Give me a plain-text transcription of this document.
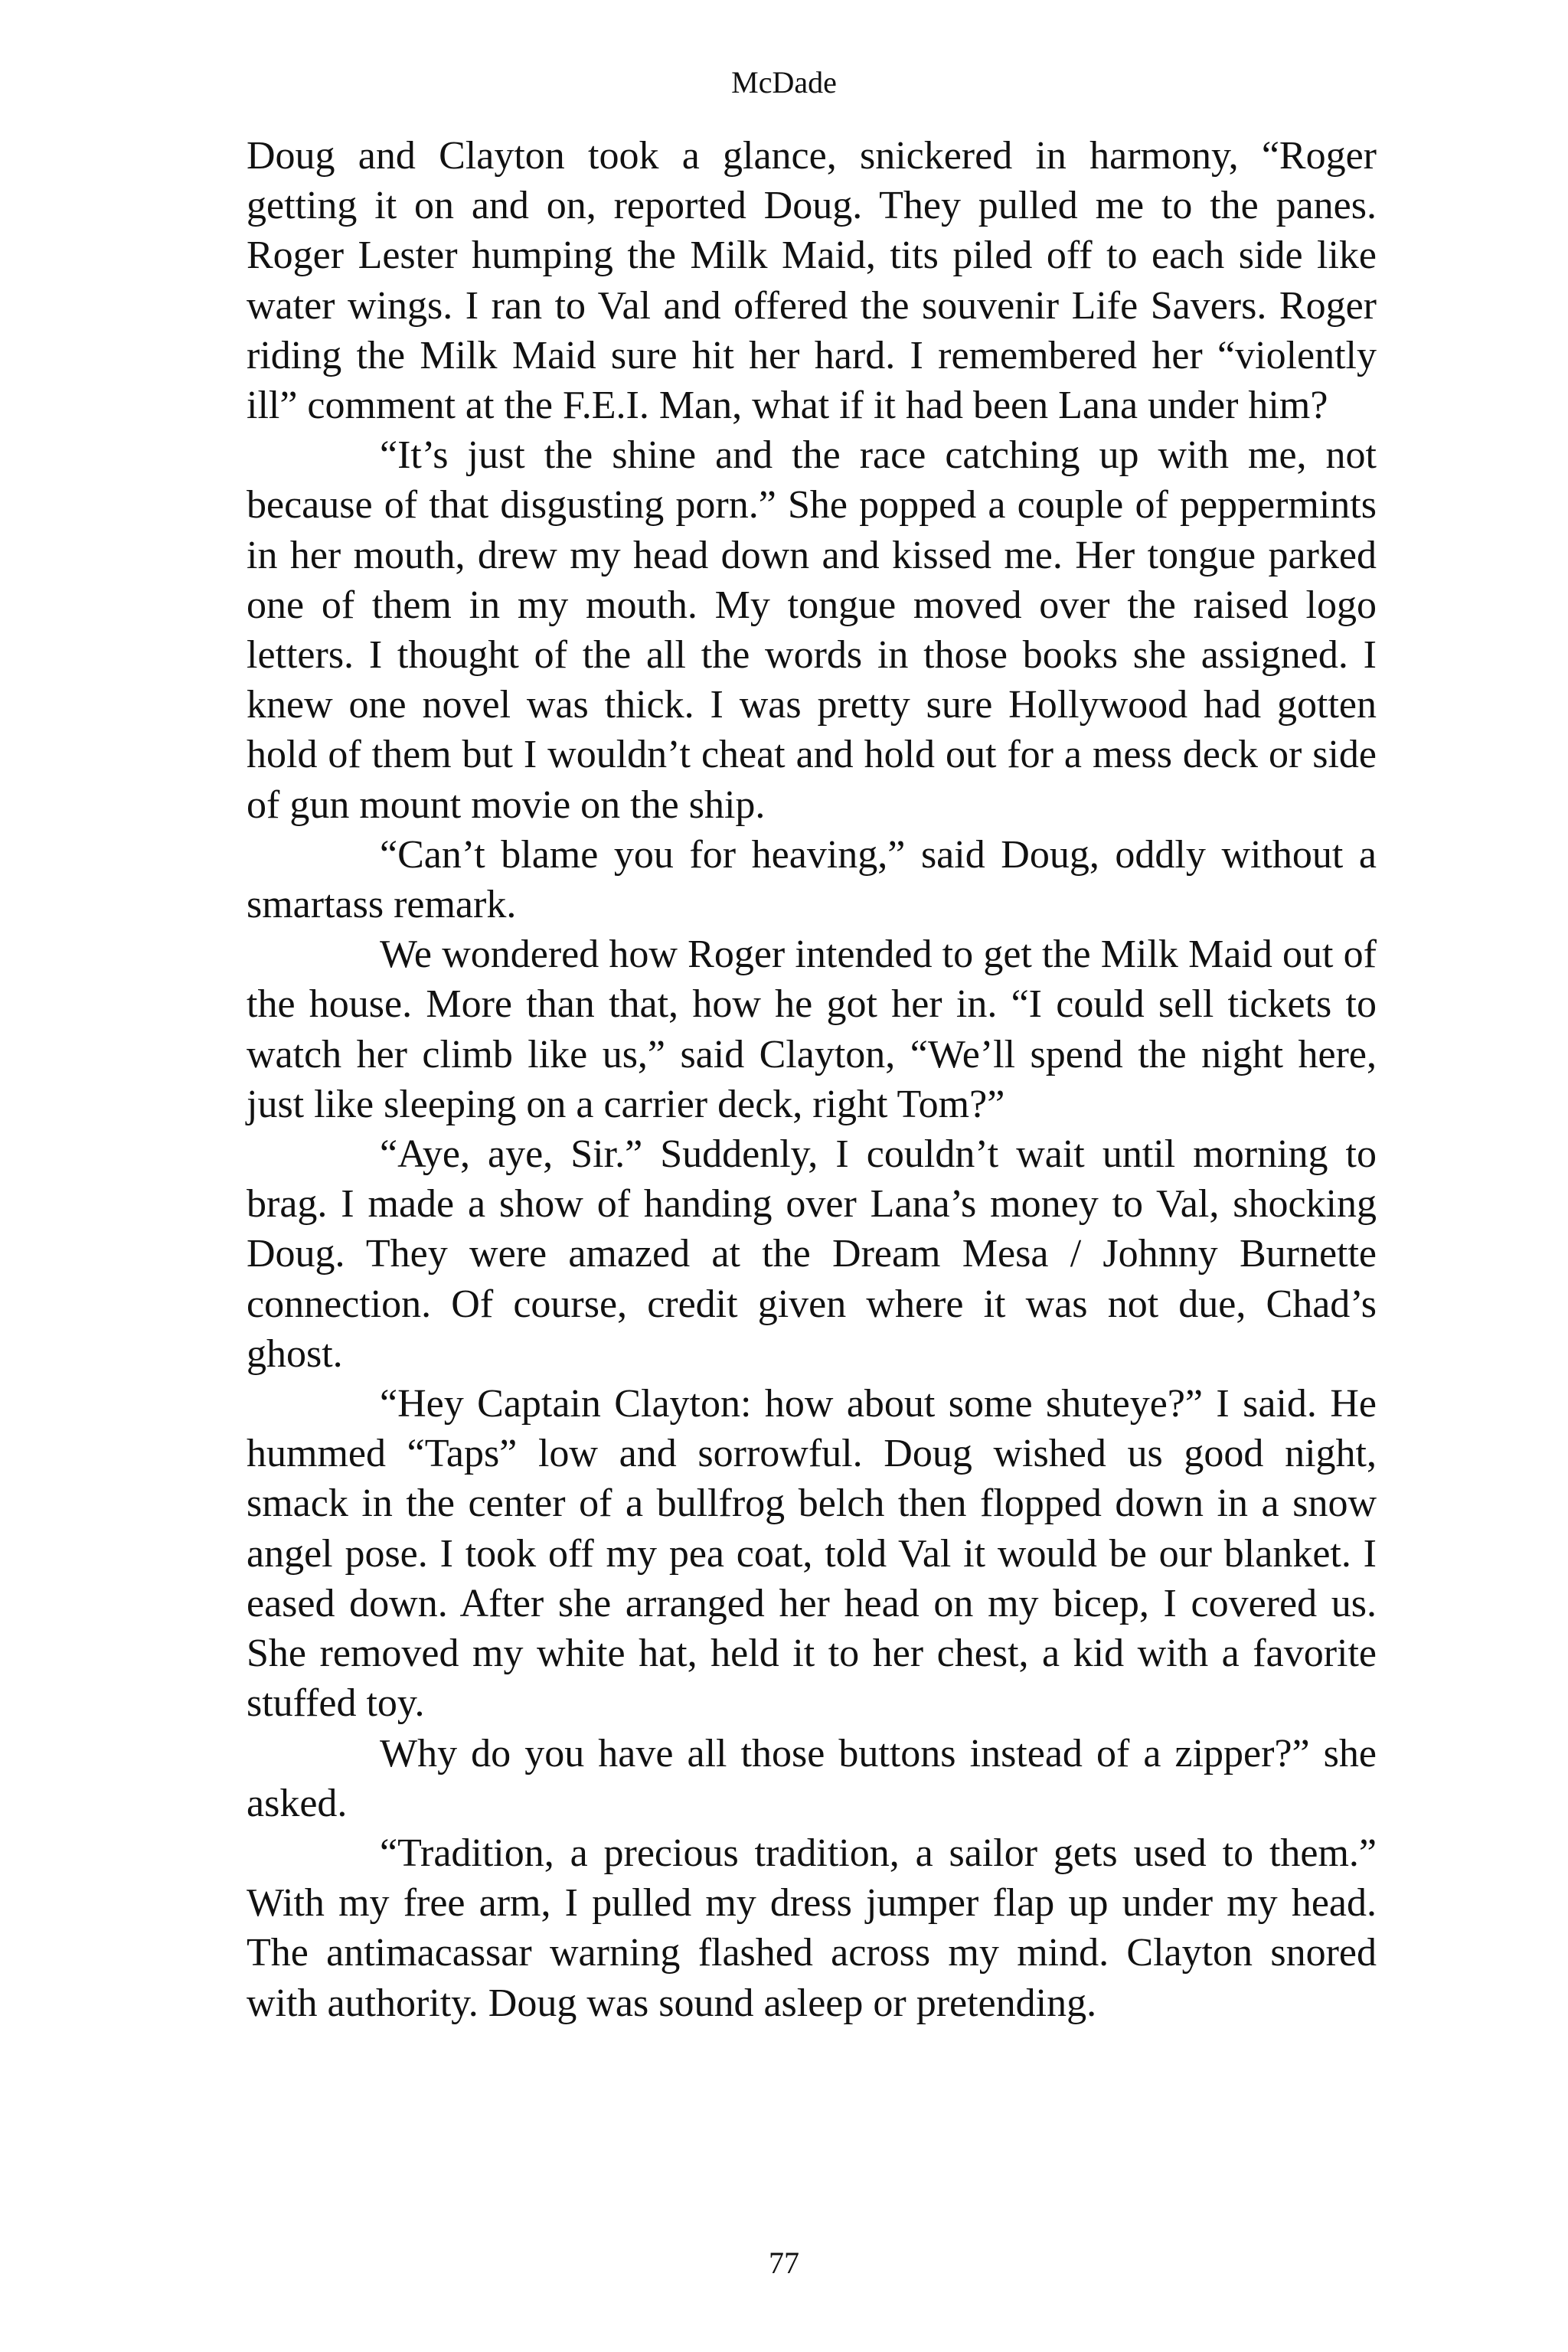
McDade

Doug and Clayton took a glance, snickered in harmony, “Roger getting it on and on, reported Doug. They pulled me to the panes. Roger Lester humping the Milk Maid, tits piled off to each side like water wings. I ran to Val and offered the souvenir Life Savers. Roger riding the Milk Maid sure hit her hard. I remembered her “violently ill” comment at the F.E.I. Man, what if it had been Lana under him?

“It’s just the shine and the race catching up with me, not because of that disgusting porn.” She popped a couple of peppermints in her mouth, drew my head down and kissed me. Her tongue parked one of them in my mouth. My tongue moved over the raised logo letters. I thought of the all the words in those books she assigned. I knew one novel was thick. I was pretty sure Hollywood had gotten hold of them but I wouldn’t cheat and hold out for a mess deck or side of gun mount movie on the ship.

“Can’t blame you for heaving,” said Doug, oddly without a smartass remark.

We wondered how Roger intended to get the Milk Maid out of the house. More than that, how he got her in. “I could sell tickets to watch her climb like us,” said Clayton, “We’ll spend the night here, just like sleeping on a carrier deck, right Tom?”

“Aye, aye, Sir.” Suddenly, I couldn’t wait until morning to brag. I made a show of handing over Lana’s money to Val, shocking Doug. They were amazed at the Dream Mesa / Johnny Burnette connection. Of course, credit given where it was not due, Chad’s ghost.

“Hey Captain Clayton: how about some shuteye?” I said. He hummed “Taps” low and sorrowful. Doug wished us good night, smack in the center of a bullfrog belch then flopped down in a snow angel pose. I took off my pea coat, told Val it would be our blanket. I eased down. After she arranged her head on my bicep, I covered us. She removed my white hat, held it to her chest, a kid with a favorite stuffed toy.

Why do you have all those buttons instead of a zipper?” she asked.

“Tradition, a precious tradition, a sailor gets used to them.” With my free arm, I pulled my dress jumper flap up under my head. The antimacassar warning flashed across my mind. Clayton snored with authority. Doug was sound asleep or pretending.

77
